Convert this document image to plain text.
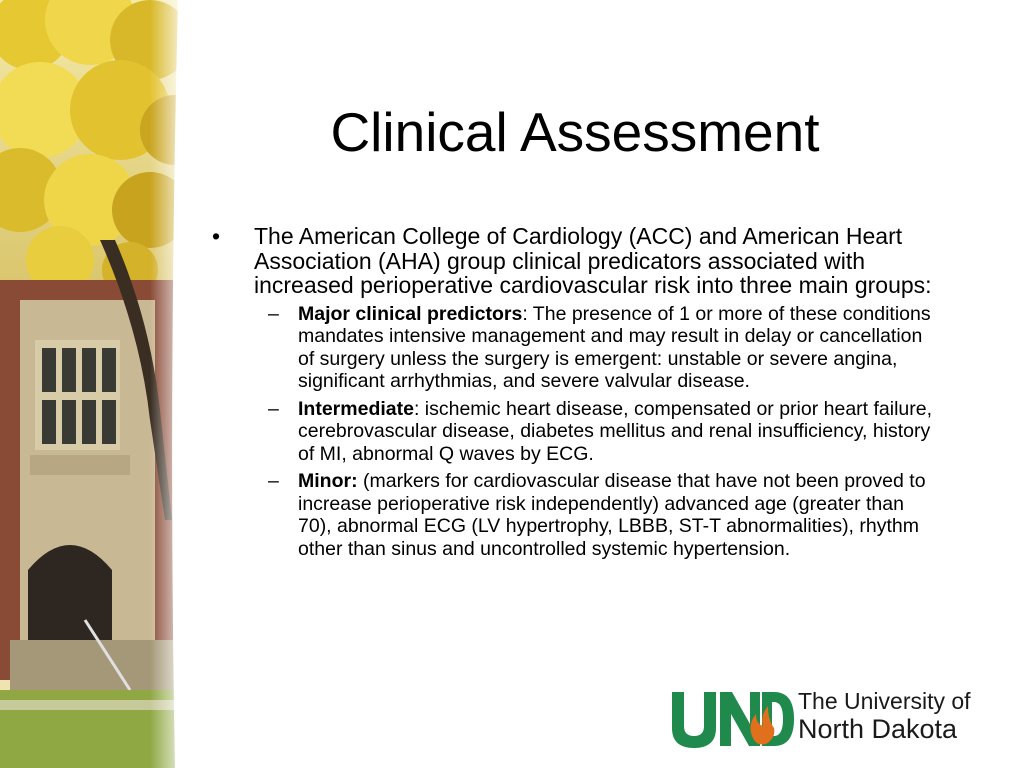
Clinical Assessment

• The American College of Cardiology (ACC) and American Heart Association (AHA) group clinical predicators associated with increased perioperative cardiovascular risk into three main groups:

– Major clinical predictors: The presence of 1 or more of these conditions mandates intensive management and may result in delay or cancellation of surgery unless the surgery is emergent: unstable or severe angina, significant arrhythmias, and severe valvular disease.
– Intermediate: ischemic heart disease, compensated or prior heart failure, cerebrovascular disease, diabetes mellitus and renal insufficiency, history of MI, abnormal Q waves by ECG.
– Minor: (markers for cardiovascular disease that have not been proved to increase perioperative risk independently) advanced age (greater than 70), abnormal ECG (LV hypertrophy, LBBB, ST-T abnormalities), rhythm other than sinus and uncontrolled systemic hypertension.
The University of
North Dakota
